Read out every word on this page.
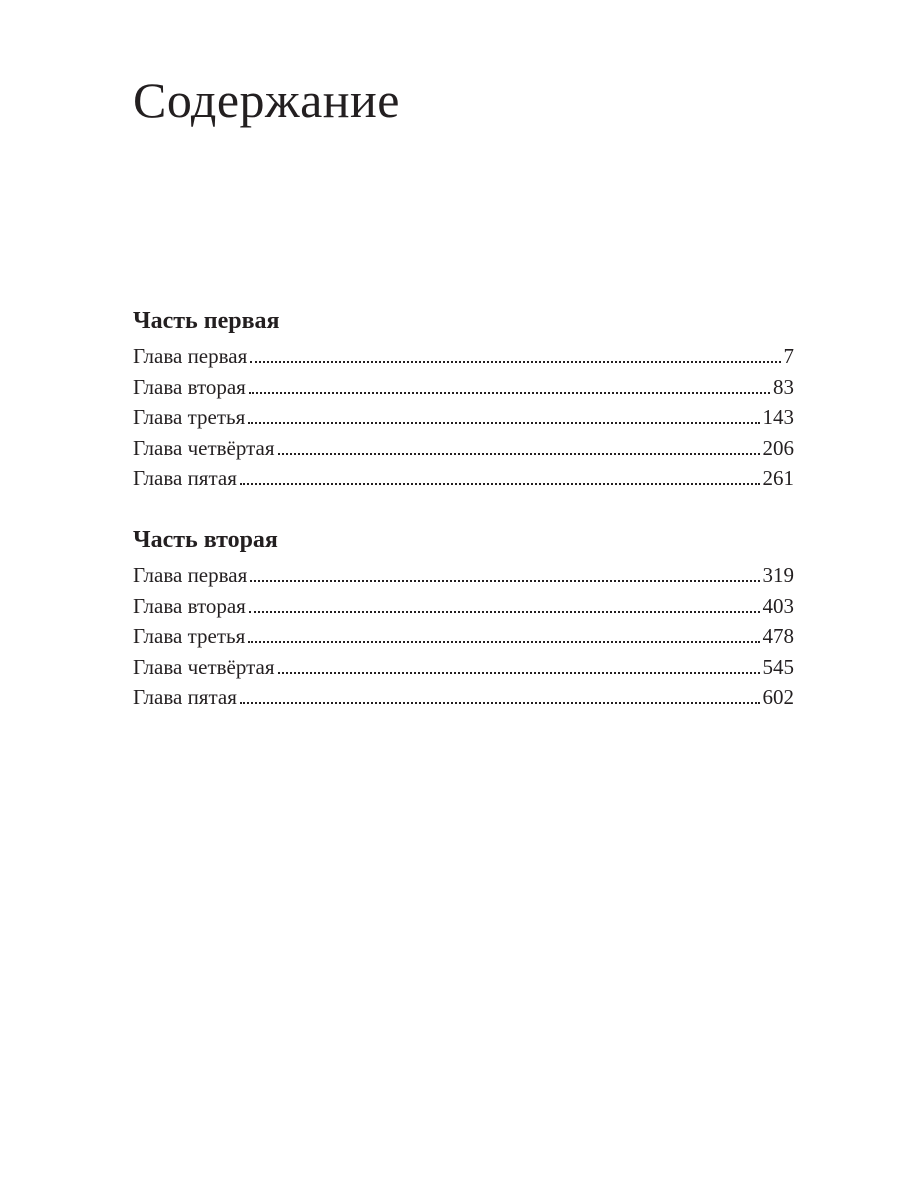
Содержание
Часть первая
Глава первая	7
Глава вторая	83
Глава третья	143
Глава четвёртая	206
Глава пятая	261
Часть вторая
Глава первая	319
Глава вторая	403
Глава третья	478
Глава четвёртая	545
Глава пятая	602
